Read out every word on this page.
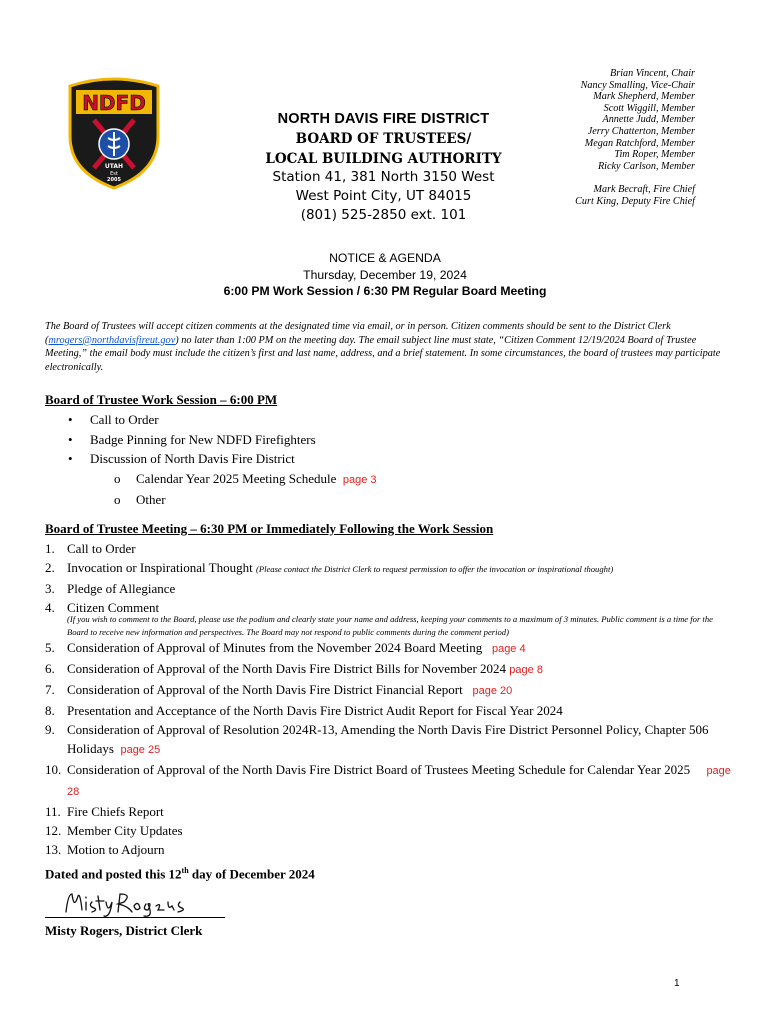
NDFD
UTAH
Est
2005
NORTH DAVIS FIRE DISTRICT
BOARD OF TRUSTEES/
LOCAL BUILDING AUTHORITY
Station 41, 381 North 3150 West
West Point City, UT 84015
(801) 525-2850 ext. 101
Brian Vincent, Chair
Nancy Smalling, Vice-Chair
Mark Shepherd, Member
Scott Wiggill, Member
Annette Judd, Member
Jerry Chatterton, Member
Megan Ratchford, Member
Tim Roper, Member
Ricky Carlson, Member
Mark Becraft, Fire Chief
Curt King, Deputy Fire Chief
NOTICE & AGENDA
Thursday, December 19, 2024
6:00 PM Work Session / 6:30 PM Regular Board Meeting
The Board of Trustees will accept citizen comments at the designated time via email, or in person. Citizen comments should be sent to the District Clerk (mrogers@northdavisfireut.gov) no later than 1:00 PM on the meeting day. The email subject line must state, “Citizen Comment 12/19/2024 Board of Trustee Meeting,” the email body must include the citizen’s first and last name, address, and a brief statement. In some circumstances, the board of trustees may participate electronically.
Board of Trustee Work Session – 6:00 PM
•	Call to Order
•	Badge Pinning for New NDFD Firefighters
•	Discussion of North Davis Fire District
o	Calendar Year 2025 Meeting Schedule
page 3
o	Other
Board of Trustee Meeting – 6:30 PM or Immediately Following the Work Session
1. Call to Order
2. Invocation or Inspirational Thought (Please contact the District Clerk to request permission to offer the invocation or inspirational thought)
3. Pledge of Allegiance
4. Citizen Comment
(If you wish to comment to the Board, please use the podium and clearly state your name and address, keeping your comments to a maximum of 3 minutes. Public comment is a time for the Board to receive new information and perspectives. The Board may not respond to public comments during the comment period)
5. Consideration of Approval of Minutes from the November 2024 Board Meeting page 4
6. Consideration of Approval of the North Davis Fire District Bills for November 2024 page 8
7. Consideration of Approval of the North Davis Fire District Financial Report page 20
8. Presentation and Acceptance of the North Davis Fire District Audit Report for Fiscal Year 2024
9. Consideration of Approval of Resolution 2024R-13, Amending the North Davis Fire District Personnel Policy, Chapter 506 Holidays page 25
10. Consideration of Approval of the North Davis Fire District Board of Trustees Meeting Schedule for Calendar Year 2025 page 28
11. Fire Chiefs Report
12. Member City Updates
13. Motion to Adjourn
Dated and posted this 12th day of December 2024
Misty Rogers, District Clerk
1
